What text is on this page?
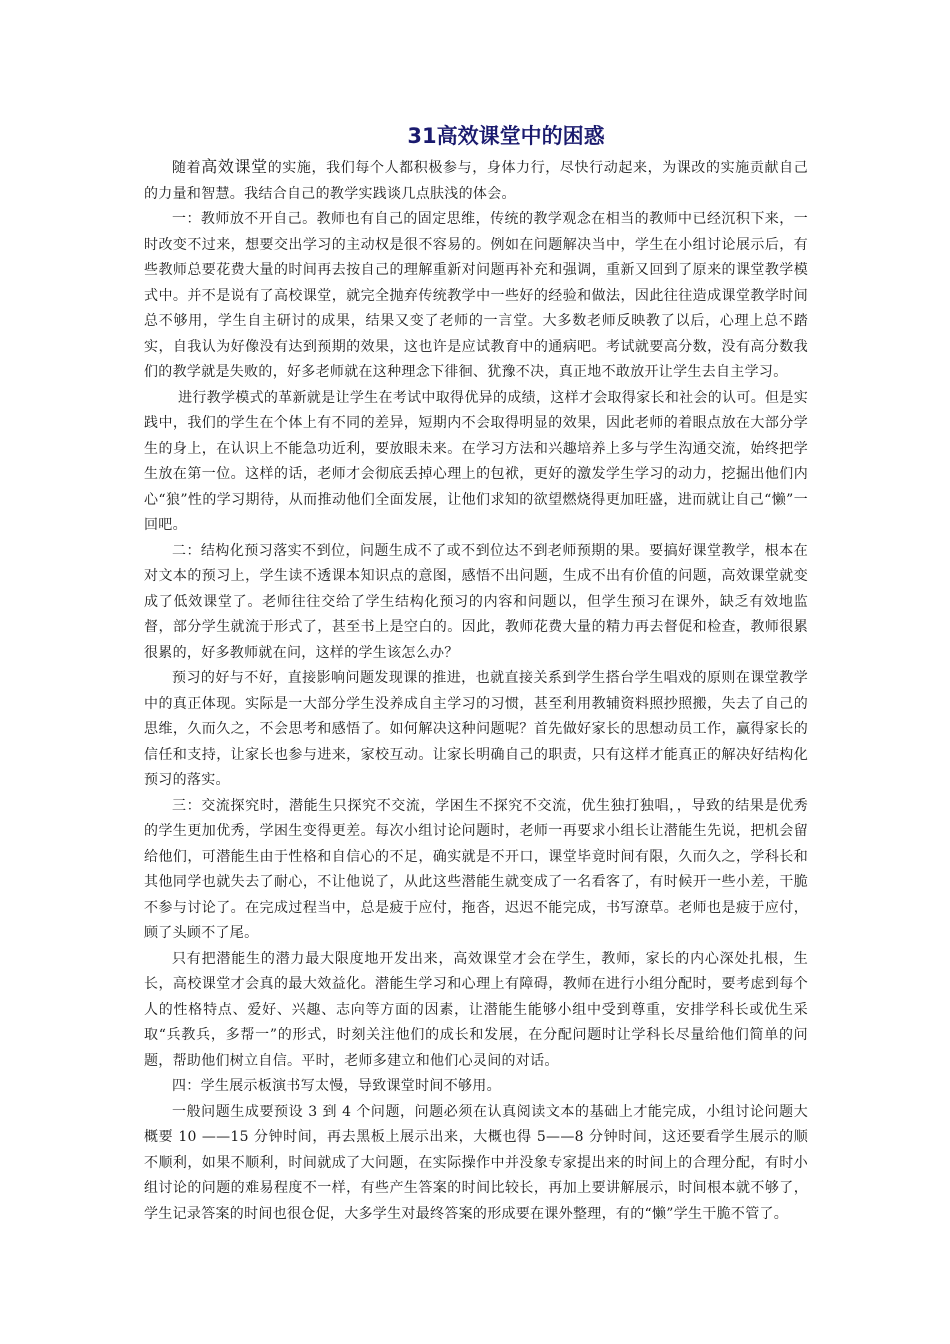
31高效课堂中的困惑

随着高效课堂的实施，我们每个人都积极参与，身体力行，尽快行动起来，为课改的实施贡献自己的力量和智慧。我结合自己的教学实践谈几点肤浅的体会。

一：教师放不开自己。教师也有自己的固定思维，传统的教学观念在相当的教师中已经沉积下来，一时改变不过来，想要交出学习的主动权是很不容易的。例如在问题解决当中，学生在小组讨论展示后，有些教师总要花费大量的时间再去按自己的理解重新对问题再补充和强调，重新又回到了原来的课堂教学模式中。并不是说有了高校课堂，就完全抛弃传统教学中一些好的经验和做法，因此往往造成课堂教学时间总不够用，学生自主研讨的成果，结果又变了老师的一言堂。大多数老师反映教了以后，心理上总不踏实，自我认为好像没有达到预期的效果，这也许是应试教育中的通病吧。考试就要高分数，没有高分数我们的教学就是失败的，好多老师就在这种理念下徘徊、犹豫不决，真正地不敢放开让学生去自主学习。

进行教学模式的革新就是让学生在考试中取得优异的成绩，这样才会取得家长和社会的认可。但是实践中，我们的学生在个体上有不同的差异，短期内不会取得明显的效果，因此老师的着眼点放在大部分学生的身上，在认识上不能急功近利，要放眼未来。在学习方法和兴趣培养上多与学生沟通交流，始终把学生放在第一位。这样的话，老师才会彻底丢掉心理上的包袱，更好的激发学生学习的动力，挖掘出他们内心“狼”性的学习期待，从而推动他们全面发展，让他们求知的欲望燃烧得更加旺盛，进而就让自己“懒”一回吧。

二：结构化预习落实不到位，问题生成不了或不到位达不到老师预期的果。要搞好课堂教学，根本在对文本的预习上，学生读不透课本知识点的意图，感悟不出问题，生成不出有价值的问题，高效课堂就变成了低效课堂了。老师往往交给了学生结构化预习的内容和问题以，但学生预习在课外，缺乏有效地监督，部分学生就流于形式了，甚至书上是空白的。因此，教师花费大量的精力再去督促和检查，教师很累很累的，好多教师就在问，这样的学生该怎么办？

预习的好与不好，直接影响问题发现课的推进，也就直接关系到学生搭台学生唱戏的原则在课堂教学中的真正体现。实际是一大部分学生没养成自主学习的习惯，甚至利用教辅资料照抄照搬，失去了自己的思维，久而久之，不会思考和感悟了。如何解决这种问题呢？首先做好家长的思想动员工作，赢得家长的信任和支持，让家长也参与进来，家校互动。让家长明确自己的职责，只有这样才能真正的解决好结构化预习的落实。

三：交流探究时，潜能生只探究不交流，学困生不探究不交流，优生独打独唱，，导致的结果是优秀的学生更加优秀，学困生变得更差。每次小组讨论问题时，老师一再要求小组长让潜能生先说，把机会留给他们，可潜能生由于性格和自信心的不足，确实就是不开口，课堂毕竟时间有限，久而久之，学科长和其他同学也就失去了耐心，不让他说了，从此这些潜能生就变成了一名看客了，有时候开一些小差，干脆不参与讨论了。在完成过程当中，总是疲于应付，拖沓，迟迟不能完成，书写潦草。老师也是疲于应付，顾了头顾不了尾。

只有把潜能生的潜力最大限度地开发出来，高效课堂才会在学生，教师，家长的内心深处扎根，生长，高校课堂才会真的最大效益化。潜能生学习和心理上有障碍，教师在进行小组分配时，要考虑到每个人的性格特点、爱好、兴趣、志向等方面的因素，让潜能生能够小组中受到尊重，安排学科长或优生采取“兵教兵，多帮一”的形式，时刻关注他们的成长和发展，在分配问题时让学科长尽量给他们简单的问题，帮助他们树立自信。平时，老师多建立和他们心灵间的对话。

四：学生展示板演书写太慢，导致课堂时间不够用。

一般问题生成要预设 3 到 4 个问题，问题必须在认真阅读文本的基础上才能完成，小组讨论问题大概要 10 ——15 分钟时间，再去黑板上展示出来，大概也得 5——8 分钟时间，这还要看学生展示的顺不顺利，如果不顺利，时间就成了大问题，在实际操作中并没象专家提出来的时间上的合理分配，有时小组讨论的问题的难易程度不一样，有些产生答案的时间比较长，再加上要讲解展示，时间根本就不够了，学生记录答案的时间也很仓促，大多学生对最终答案的形成要在课外整理，有的“懒”学生干脆不管了。
